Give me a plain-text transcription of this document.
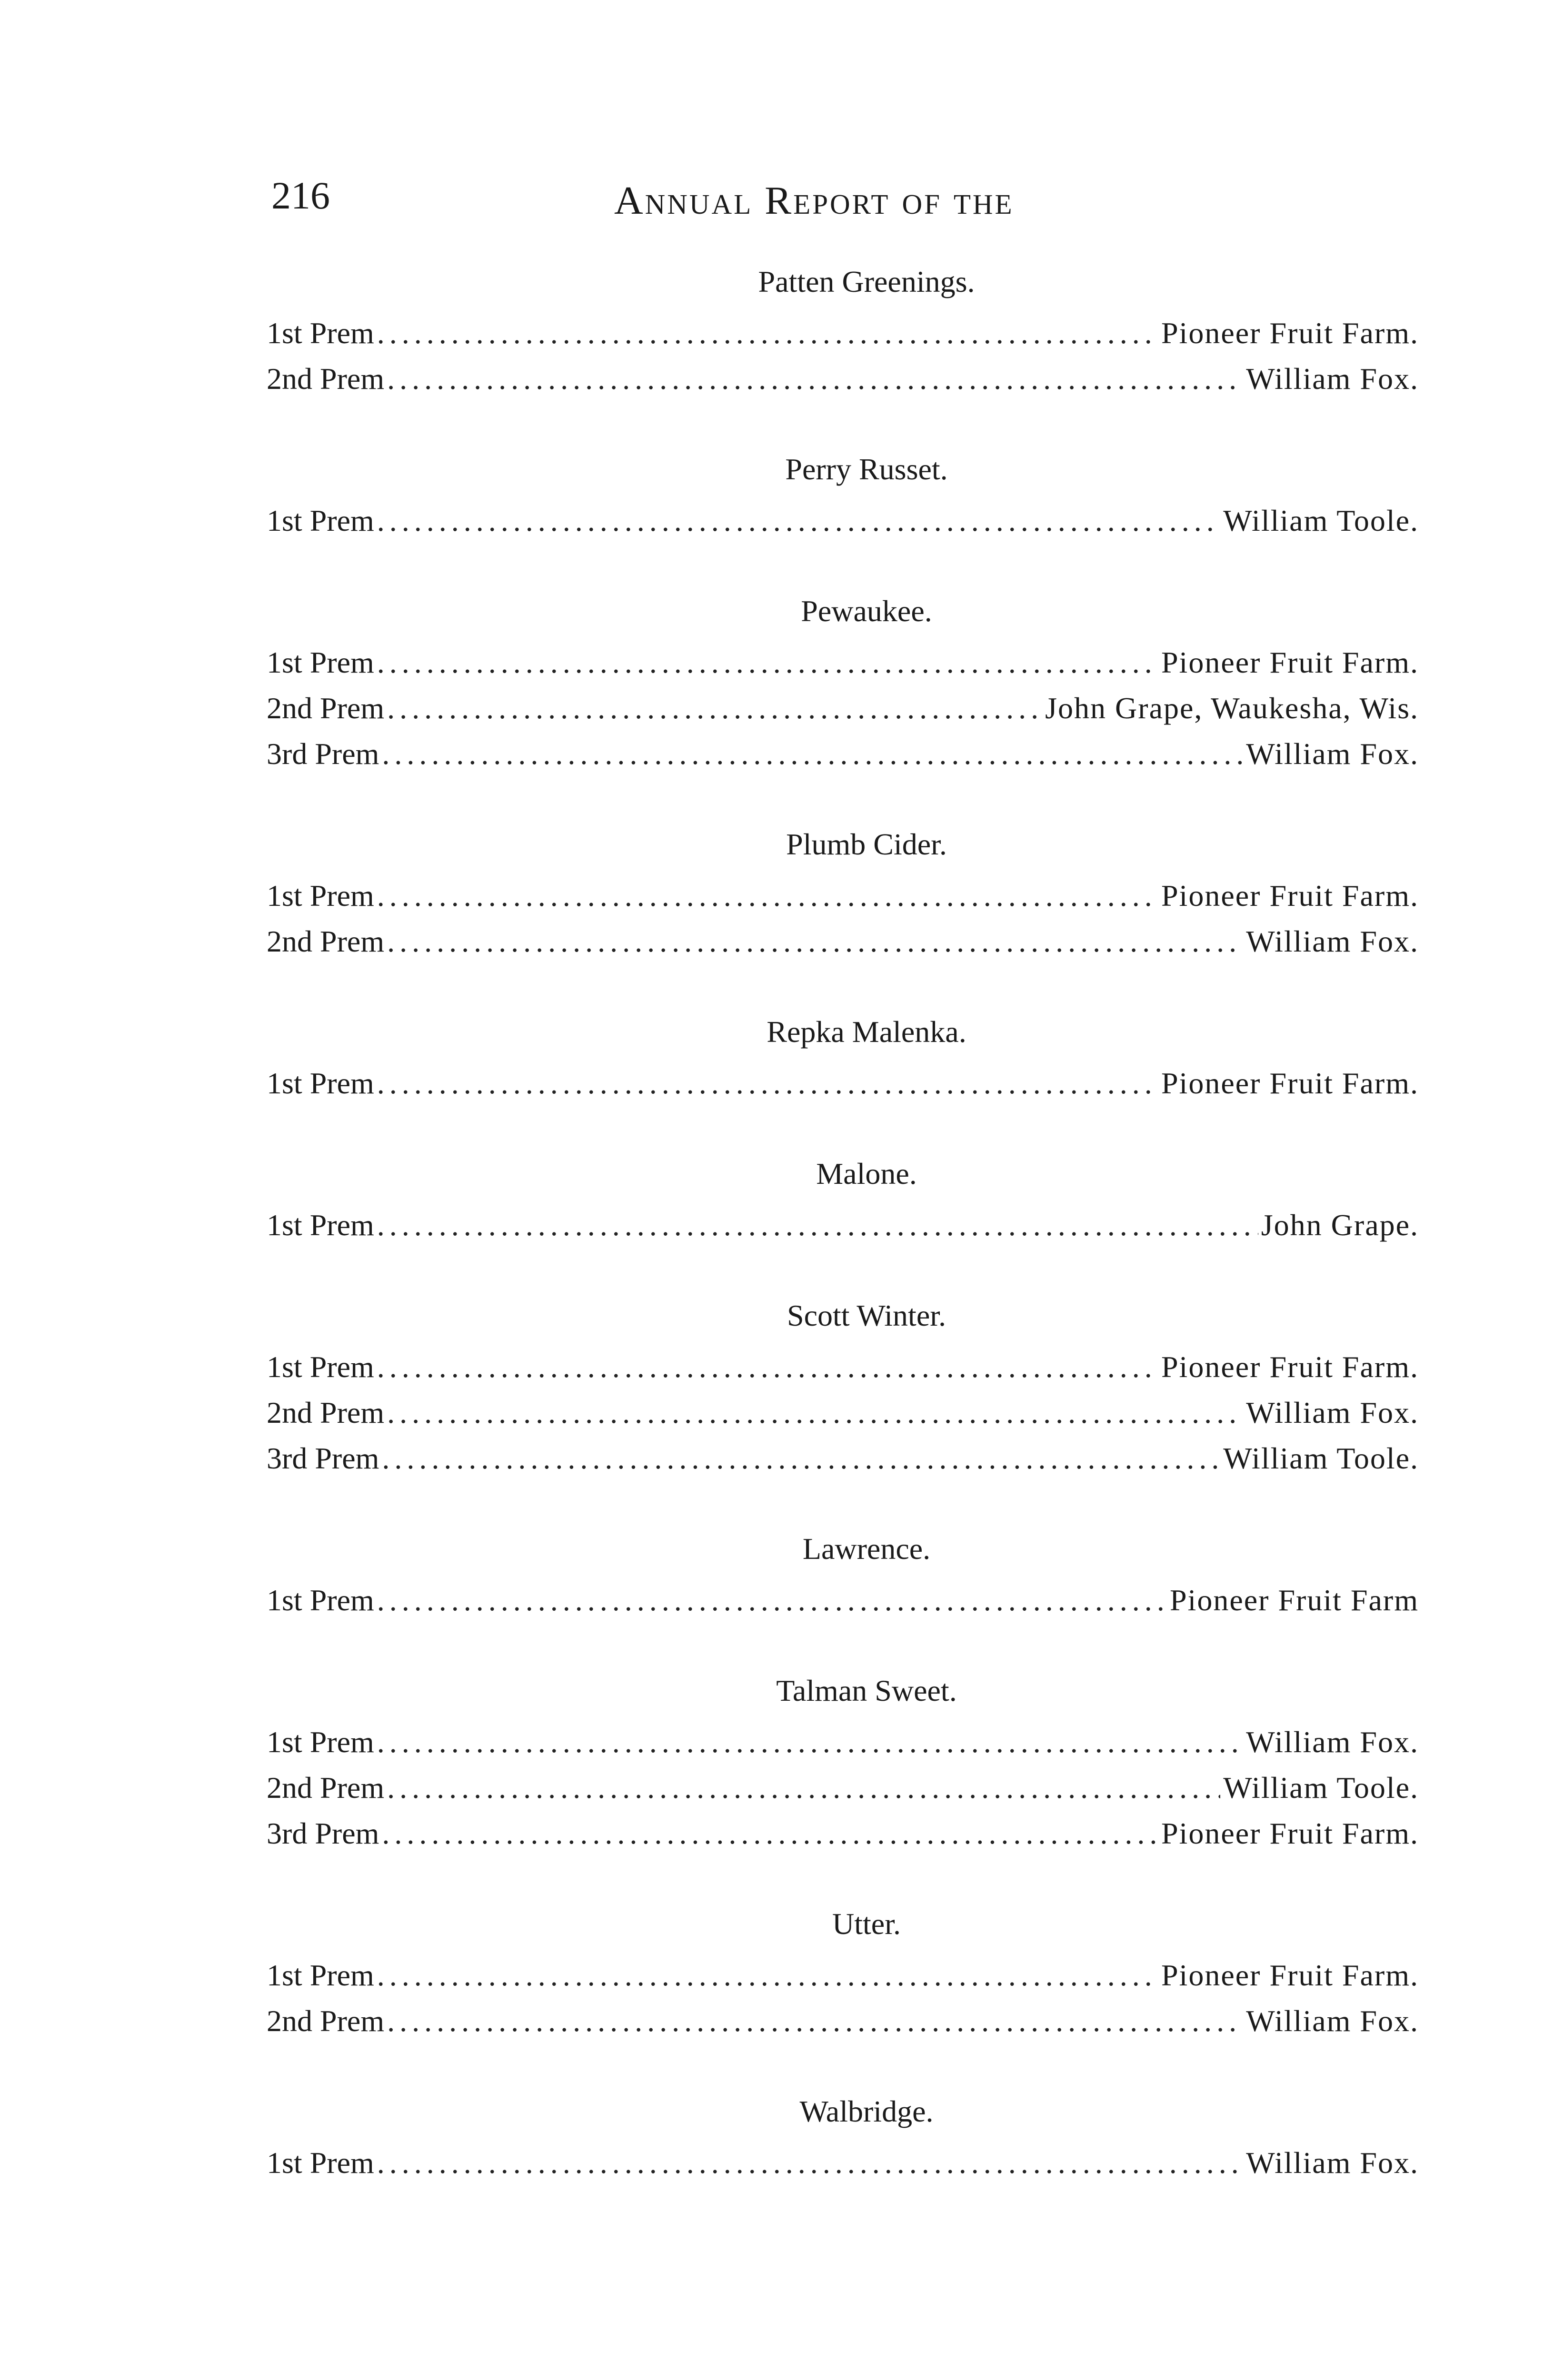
216	Annual Report of the
Patten Greenings.
1st Prem .....	Pioneer Fruit Farm.
2nd Prem .....	William Fox.
Perry Russet.
1st Prem .....	William Toole.
Pewaukee.
1st Prem .....	Pioneer Fruit Farm.
2nd Prem .....	John Grape, Waukesha, Wis.
3rd Prem .....	William Fox.
Plumb Cider.
1st Prem .....	Pioneer Fruit Farm.
2nd Prem .....	William Fox.
Repka Malenka.
1st Prem .....	Pioneer Fruit Farm.
Malone.
1st Prem .....	John Grape.
Scott Winter.
1st Prem .....	Pioneer Fruit Farm.
2nd Prem .....	William Fox.
3rd Prem .....	William Toole.
Lawrence.
1st Prem .....	Pioneer Fruit Farm
Talman Sweet.
1st Prem .....	William Fox.
2nd Prem .....	William Toole.
3rd Prem .....	Pioneer Fruit Farm.
Utter.
1st Prem .....	Pioneer Fruit Farm.
2nd Prem .....	William Fox.
Walbridge.
1st Prem .....	William Fox.
